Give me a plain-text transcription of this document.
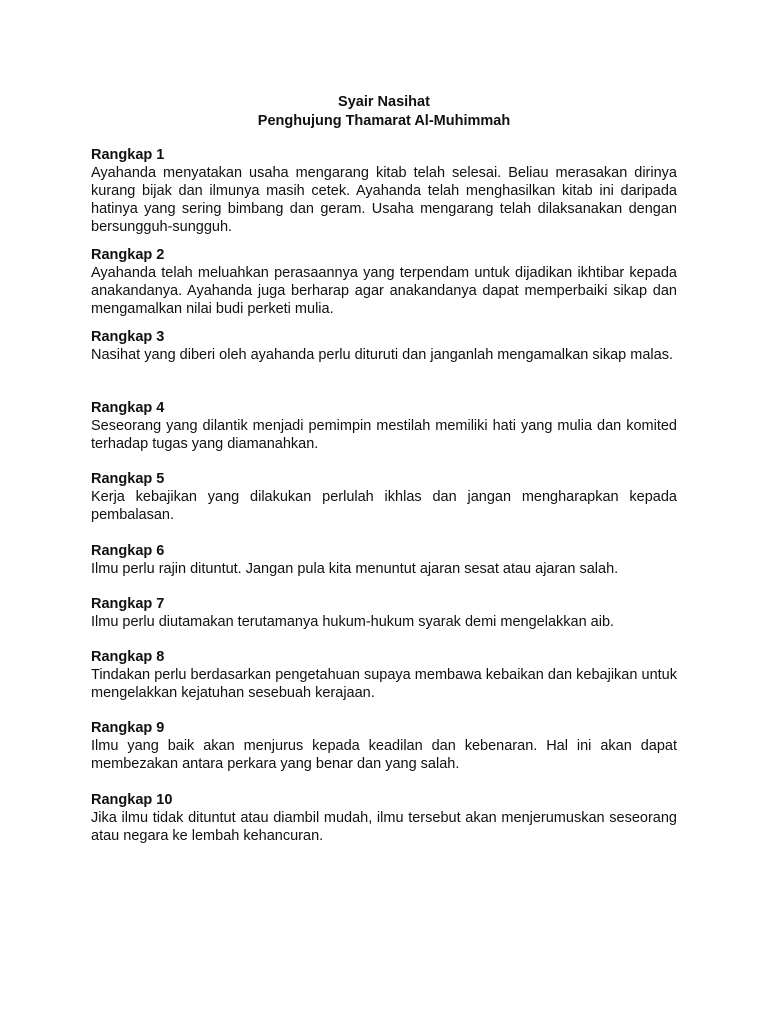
Syair Nasihat

Penghujung Thamarat Al-Muhimmah

Rangkap 1

Ayahanda menyatakan usaha mengarang kitab telah selesai. Beliau merasakan dirinya kurang bijak dan ilmunya masih cetek. Ayahanda telah menghasilkan kitab ini daripada hatinya yang sering bimbang dan geram. Usaha mengarang telah dilaksanakan dengan bersungguh-sungguh.

Rangkap 2

Ayahanda telah meluahkan perasaannya yang terpendam untuk dijadikan ikhtibar kepada anakandanya. Ayahanda juga berharap agar anakandanya dapat memperbaiki sikap dan mengamalkan nilai budi perketi mulia.

Rangkap 3

Nasihat yang diberi oleh ayahanda perlu dituruti dan janganlah mengamalkan sikap malas.

Rangkap 4

Seseorang yang dilantik menjadi pemimpin mestilah memiliki hati yang mulia dan komited terhadap tugas yang diamanahkan.

Rangkap 5

Kerja kebajikan yang dilakukan perlulah ikhlas dan jangan mengharapkan kepada pembalasan.

Rangkap 6

Ilmu perlu rajin dituntut. Jangan pula kita menuntut ajaran sesat atau ajaran salah.

Rangkap 7

Ilmu perlu diutamakan terutamanya hukum-hukum syarak demi mengelakkan aib.

Rangkap 8

Tindakan perlu berdasarkan pengetahuan supaya membawa kebaikan dan kebajikan untuk mengelakkan kejatuhan sesebuah kerajaan.

Rangkap 9

Ilmu yang baik akan menjurus kepada keadilan dan kebenaran. Hal ini akan dapat membezakan antara perkara yang benar dan yang salah.

Rangkap 10

Jika ilmu tidak dituntut atau diambil mudah, ilmu tersebut akan menjerumuskan seseorang atau negara ke lembah kehancuran.
